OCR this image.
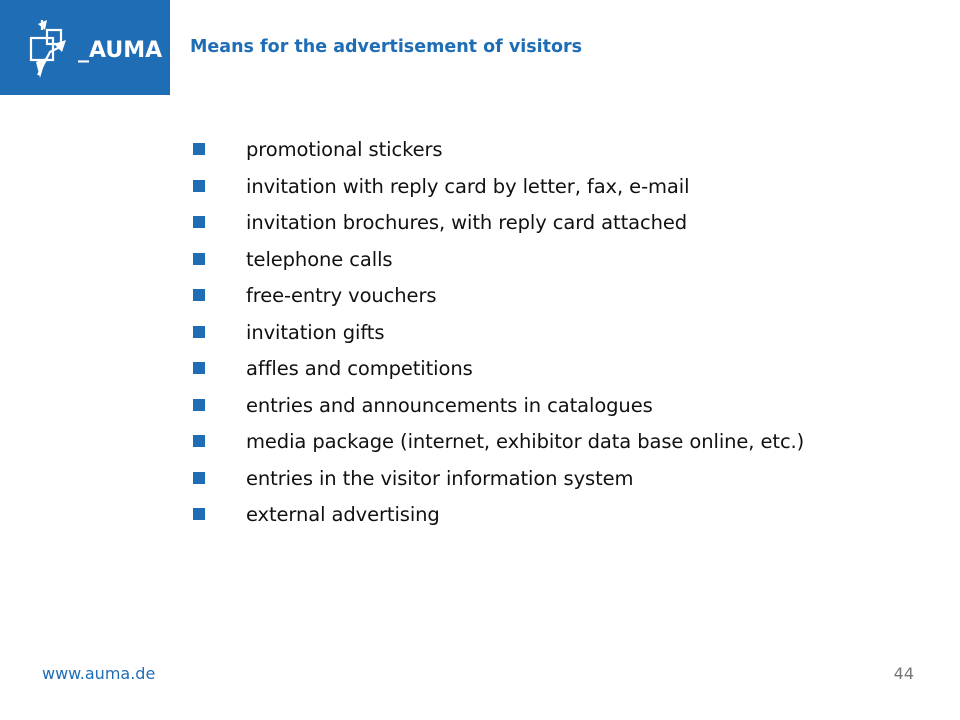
_AUMA Means for the advertisement of visitors
promotional stickers
invitation with reply card by letter, fax, e-mail
invitation brochures, with reply card attached
telephone calls
free-entry vouchers
invitation gifts
affles and competitions
entries and announcements in catalogues
media package (internet, exhibitor data base online, etc.)
entries in the visitor information system
external advertising
www.auma.de	44
